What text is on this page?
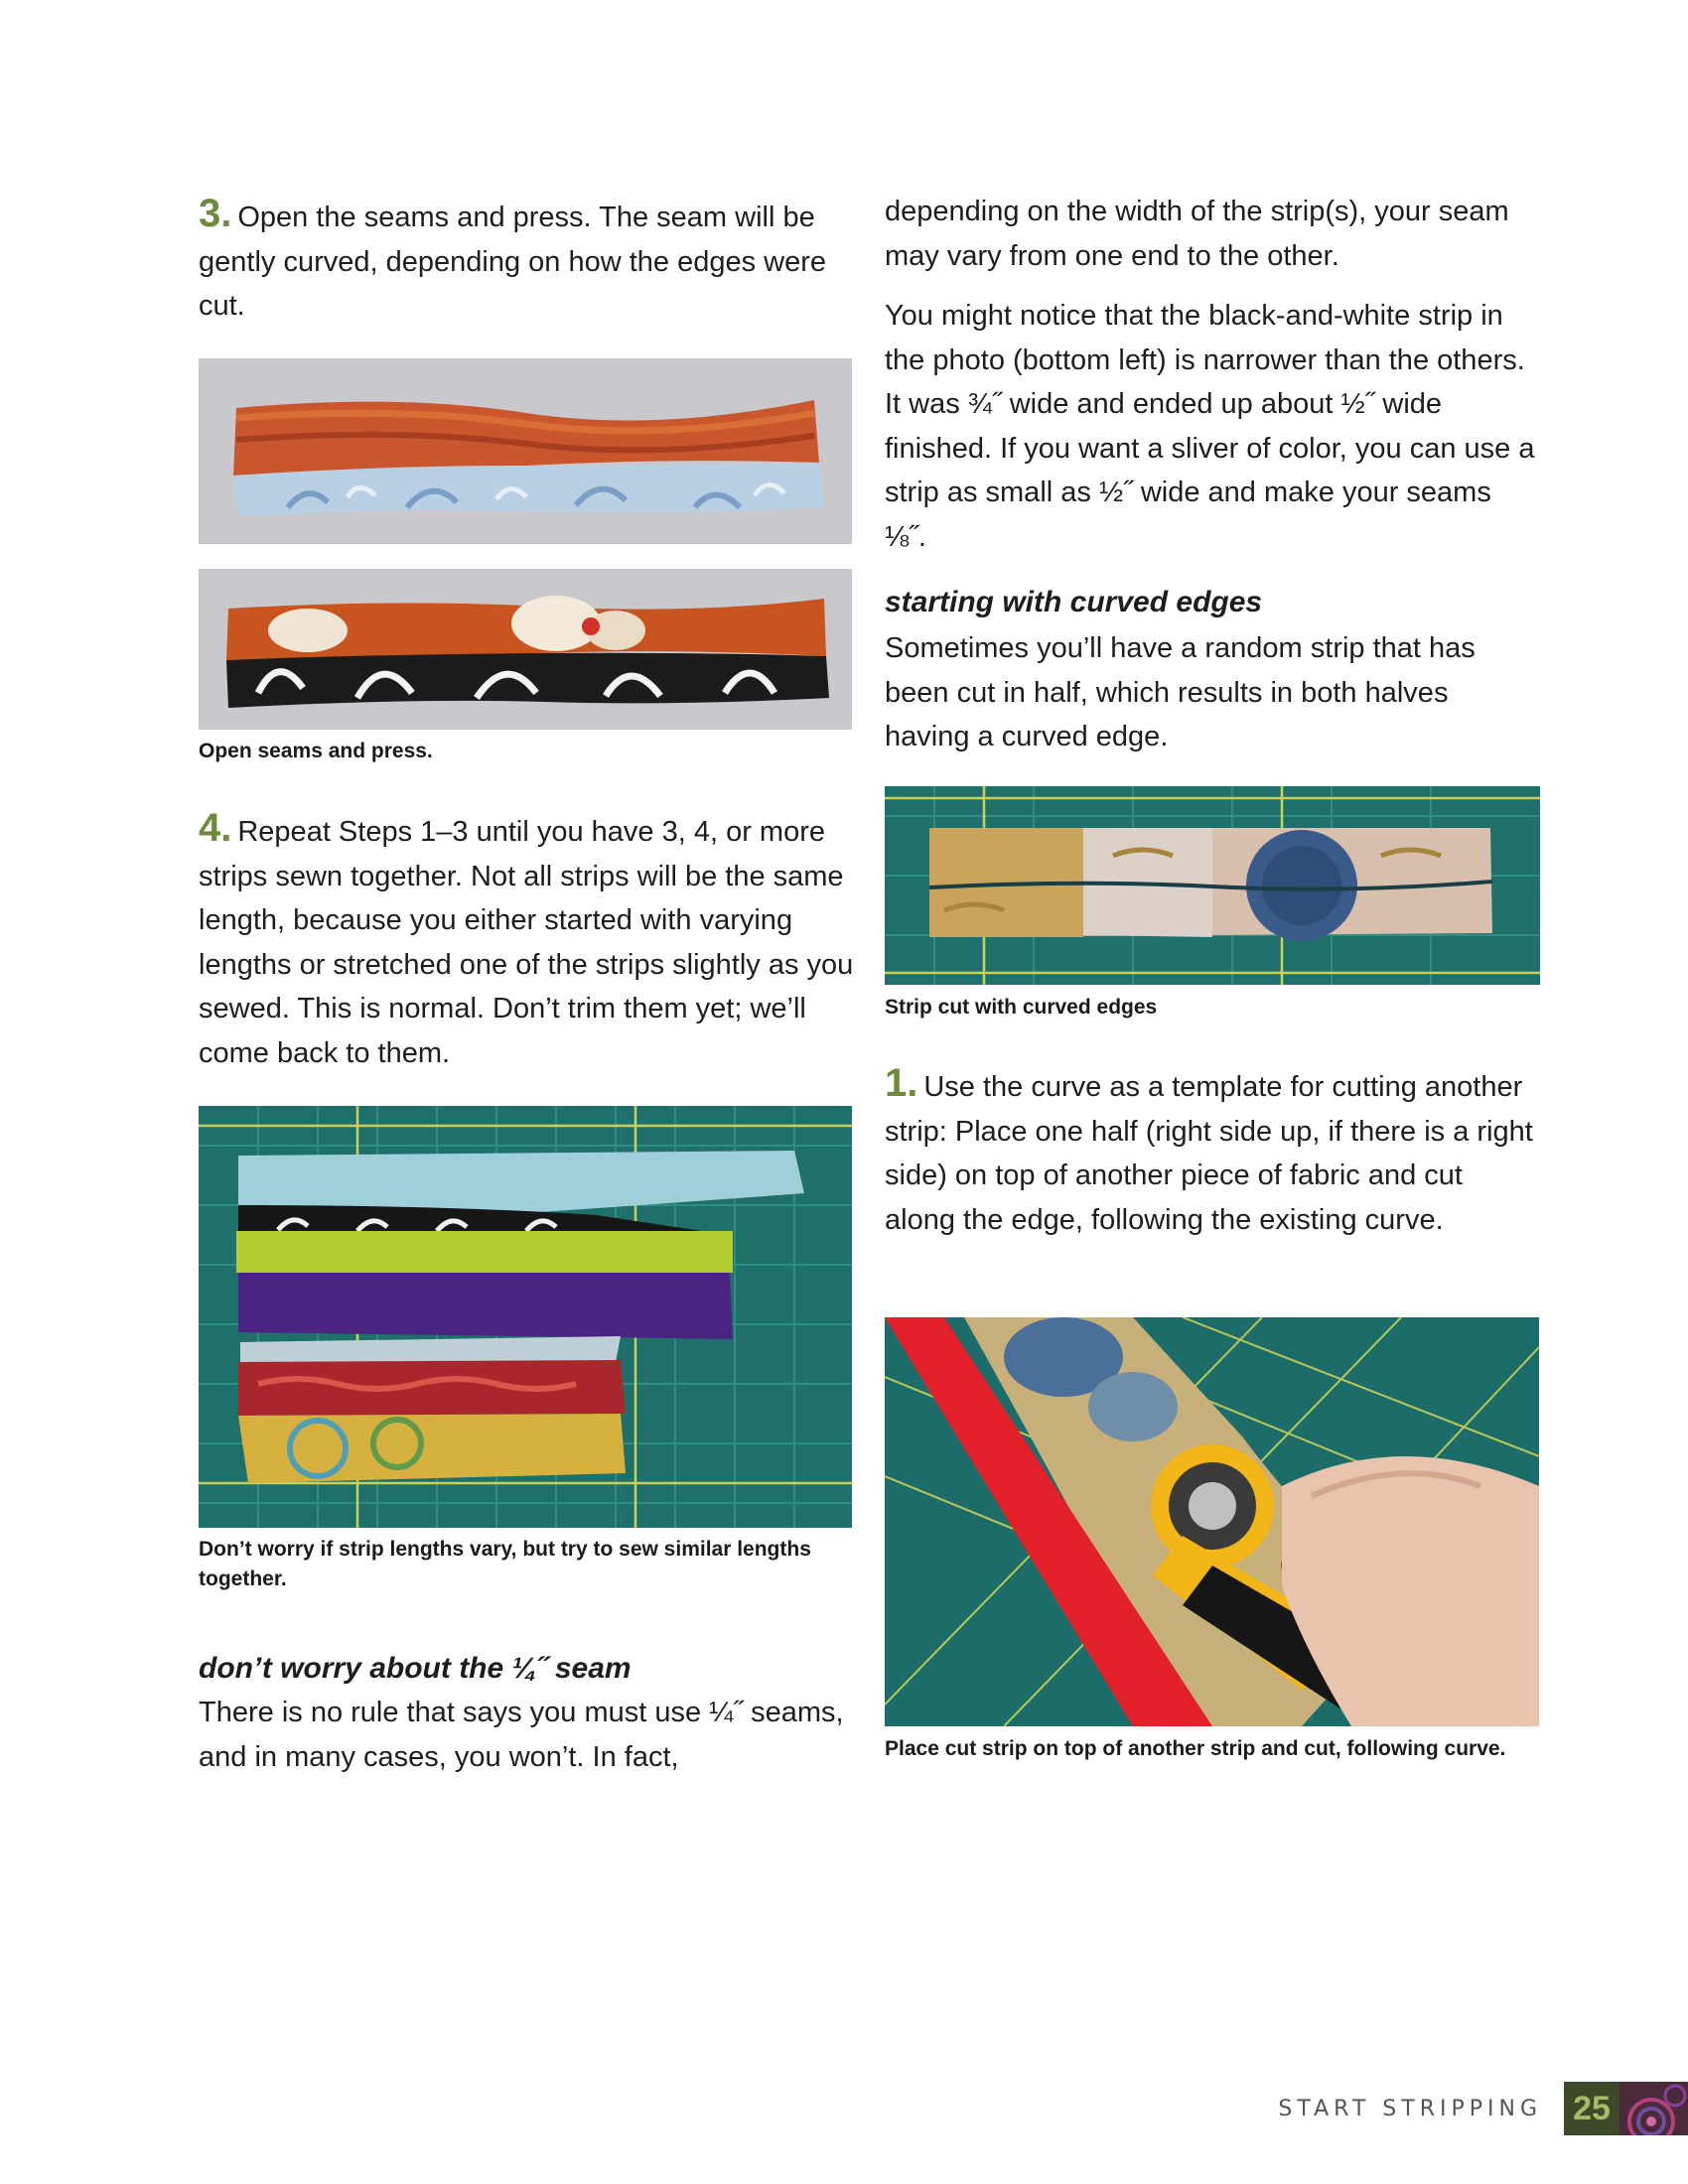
3. Open the seams and press. The seam will be gently curved, depending on how the edges were cut.

Open seams and press.

4. Repeat Steps 1–3 until you have 3, 4, or more strips sewn together. Not all strips will be the same length, because you either started with varying lengths or stretched one of the strips slightly as you sewed. This is normal. Don’t trim them yet; we’ll come back to them.

Don’t worry if strip lengths vary, but try to sew similar lengths together.

don’t worry about the ¼˝ seam

There is no rule that says you must use ¼˝ seams, and in many cases, you won’t. In fact,

depending on the width of the strip(s), your seam may vary from one end to the other.

You might notice that the black-and-white strip in the photo (bottom left) is narrower than the others. It was ¾˝ wide and ended up about ½˝ wide finished. If you want a sliver of color, you can use a strip as small as ½˝ wide and make your seams ⅛˝.

starting with curved edges

Sometimes you’ll have a random strip that has been cut in half, which results in both halves having a curved edge.

Strip cut with curved edges

1. Use the curve as a template for cutting another strip: Place one half (right side up, if there is a right side) on top of another piece of fabric and cut along the edge, following the existing curve.

Place cut strip on top of another strip and cut, following curve.

START STRIPPING 25
